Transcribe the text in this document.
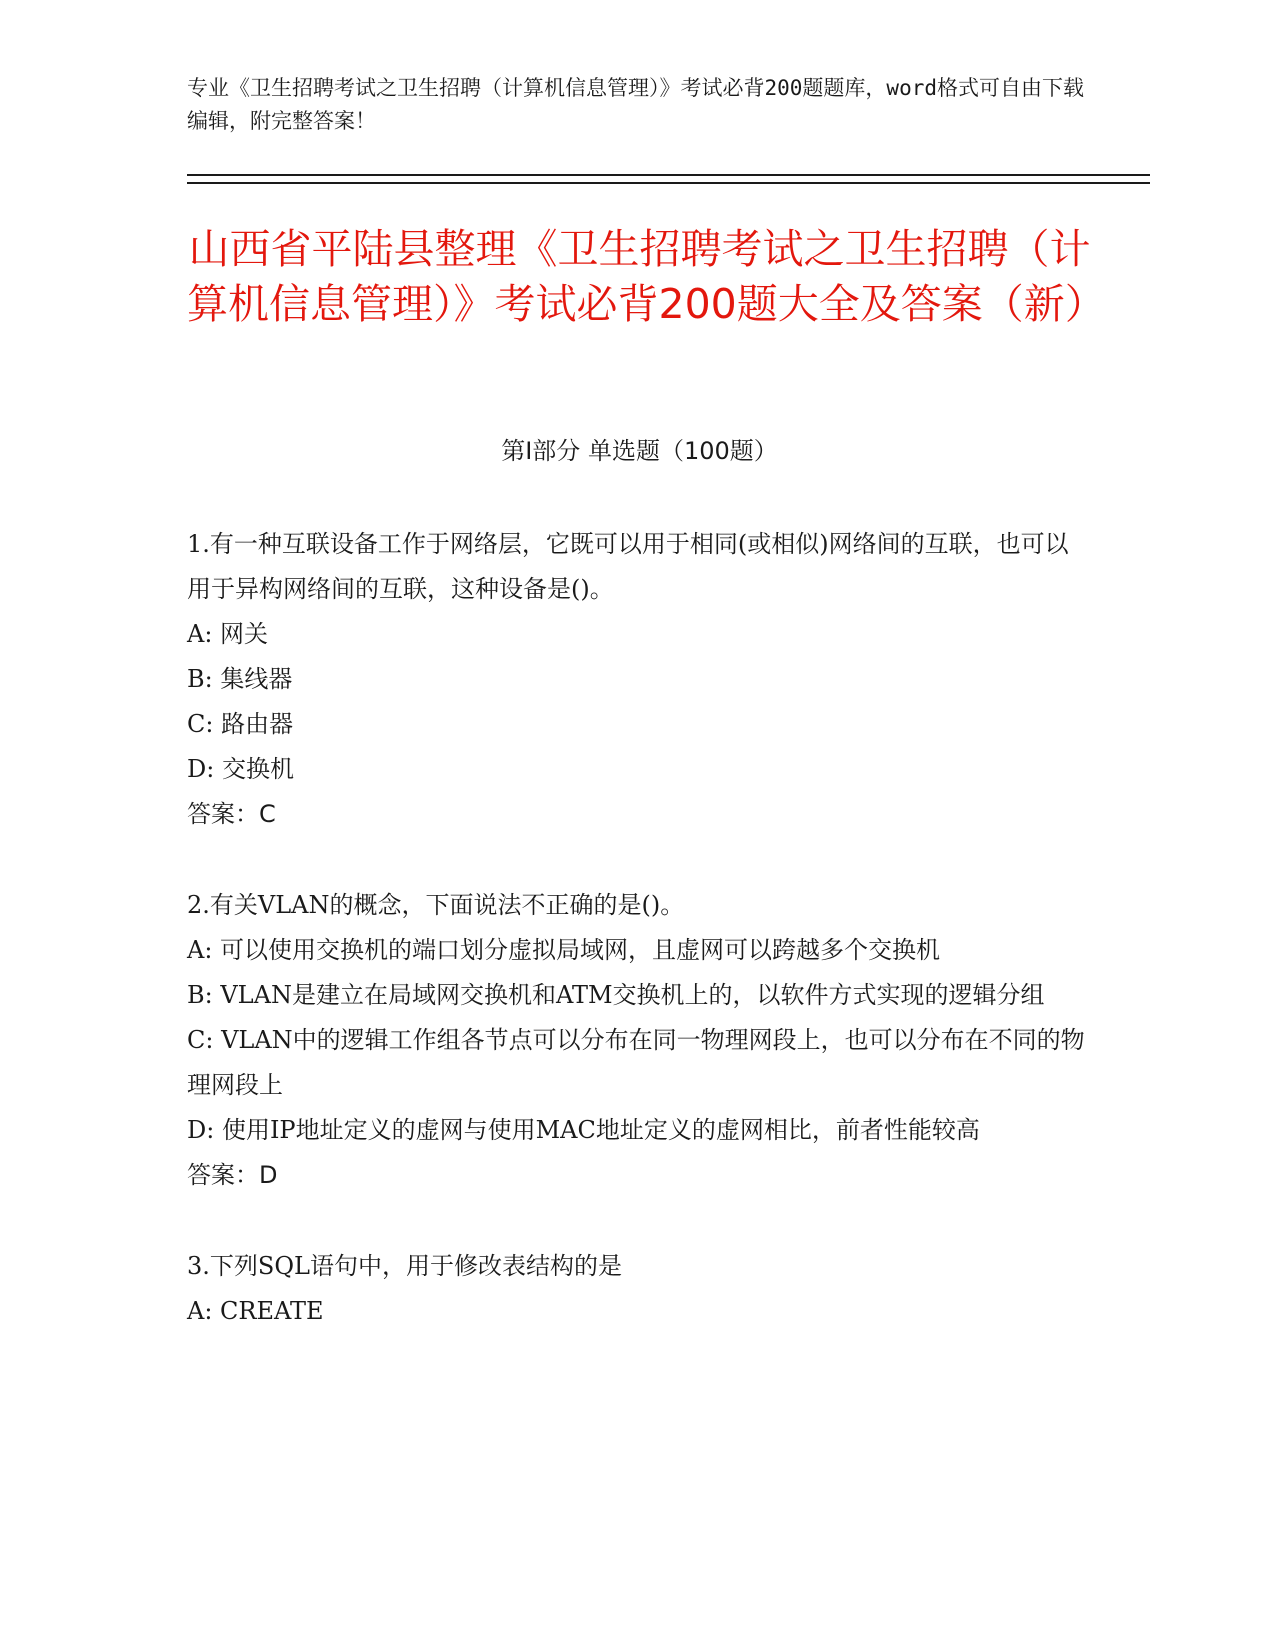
专业《卫生招聘考试之卫生招聘（计算机信息管理）》考试必背200题题库，word格式可自由下载编辑，附完整答案！
山西省平陆县整理《卫生招聘考试之卫生招聘（计算机信息管理）》考试必背200题大全及答案（新）
第I部分 单选题（100题）

1.有一种互联设备工作于网络层，它既可以用于相同(或相似)网络间的互联，也可以用于异构网络间的互联，这种设备是()。

A: 网关

B: 集线器

C: 路由器

D: 交换机

答案：C

2.有关VLAN的概念，下面说法不正确的是()。

A: 可以使用交换机的端口划分虚拟局域网，且虚网可以跨越多个交换机

B: VLAN是建立在局域网交换机和ATM交换机上的，以软件方式实现的逻辑分组

C: VLAN中的逻辑工作组各节点可以分布在同一物理网段上，也可以分布在不同的物理网段上

D: 使用IP地址定义的虚网与使用MAC地址定义的虚网相比，前者性能较高

答案：D

3.下列SQL语句中，用于修改表结构的是

A: CREATE
